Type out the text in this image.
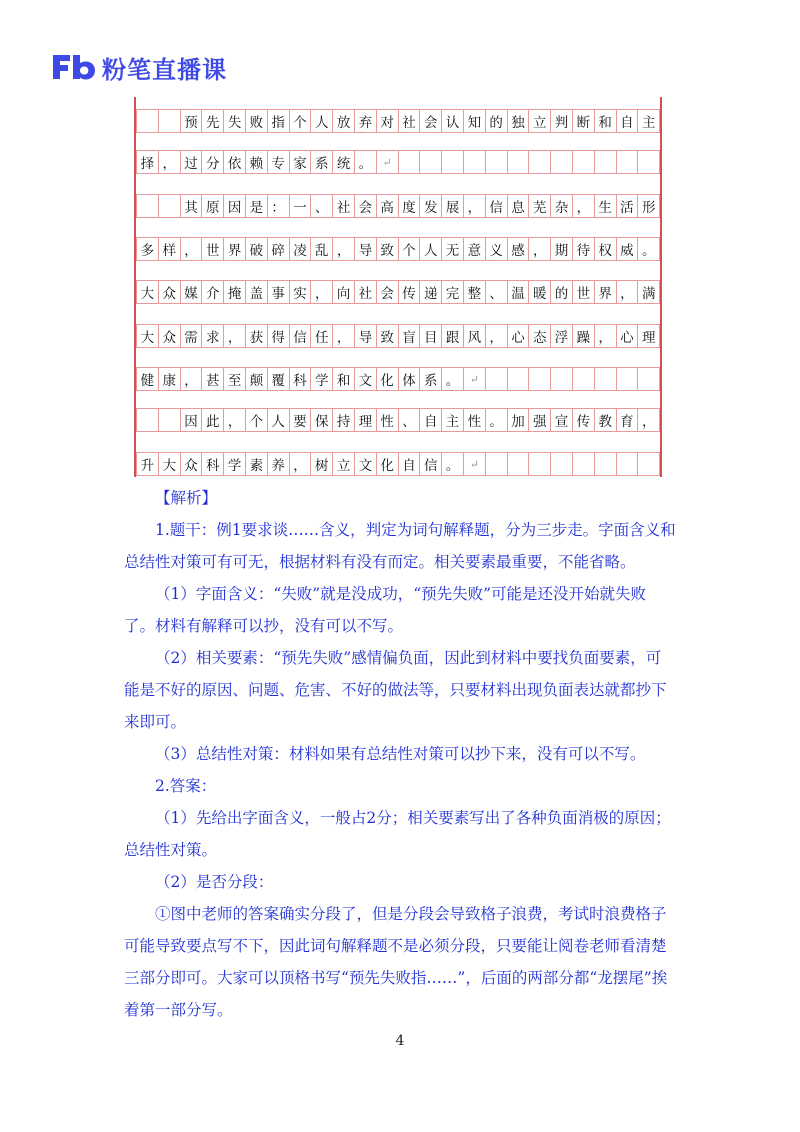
粉笔直播课
预 先 失 败 指 个 人 放 弃 对 社 会 认 知 的 独 立 判 断 和 自 主
择 ， 过 分 依 赖 专 家 系 统 。 ↵
其 原 因 是 ： 一 、 社 会 高 度 发 展 ， 信 息 芜 杂 ， 生 活 形
多 样 ， 世 界 破 碎 凌 乱 ， 导 致 个 人 无 意 义 感 ， 期 待 权 威 。
大 众 媒 介 掩 盖 事 实 ， 向 社 会 传 递 完 整 、 温 暖 的 世 界 ， 满
大 众 需 求 ， 获 得 信 任 ， 导 致 盲 目 跟 风 ， 心 态 浮 躁 ， 心 理
健 康 ， 甚 至 颠 覆 科 学 和 文 化 体 系 。 ↵
因 此 ， 个 人 要 保 持 理 性 、 自 主 性 。 加 强 宣 传 教 育 ，
升 大 众 科 学 素 养 ， 树 立 文 化 自 信 。 ↵

【解析】

1.题干：例1要求谈……含义，判定为词句解释题，分为三步走。字面含义和总结性对策可有可无，根据材料有没有而定。相关要素最重要，不能省略。

（1）字面含义：“失败”就是没成功，“预先失败”可能是还没开始就失败了。材料有解释可以抄，没有可以不写。

（2）相关要素：“预先失败”感情偏负面，因此到材料中要找负面要素，可能是不好的原因、问题、危害、不好的做法等，只要材料出现负面表达就都抄下来即可。

（3）总结性对策：材料如果有总结性对策可以抄下来，没有可以不写。

2.答案：

（1）先给出字面含义，一般占2分；相关要素写出了各种负面消极的原因；总结性对策。

（2）是否分段：

①图中老师的答案确实分段了，但是分段会导致格子浪费，考试时浪费格子可能导致要点写不下，因此词句解释题不是必须分段，只要能让阅卷老师看清楚三部分即可。大家可以顶格书写“预先失败指……”，后面的两部分都“龙摆尾”挨着第一部分写。

4
